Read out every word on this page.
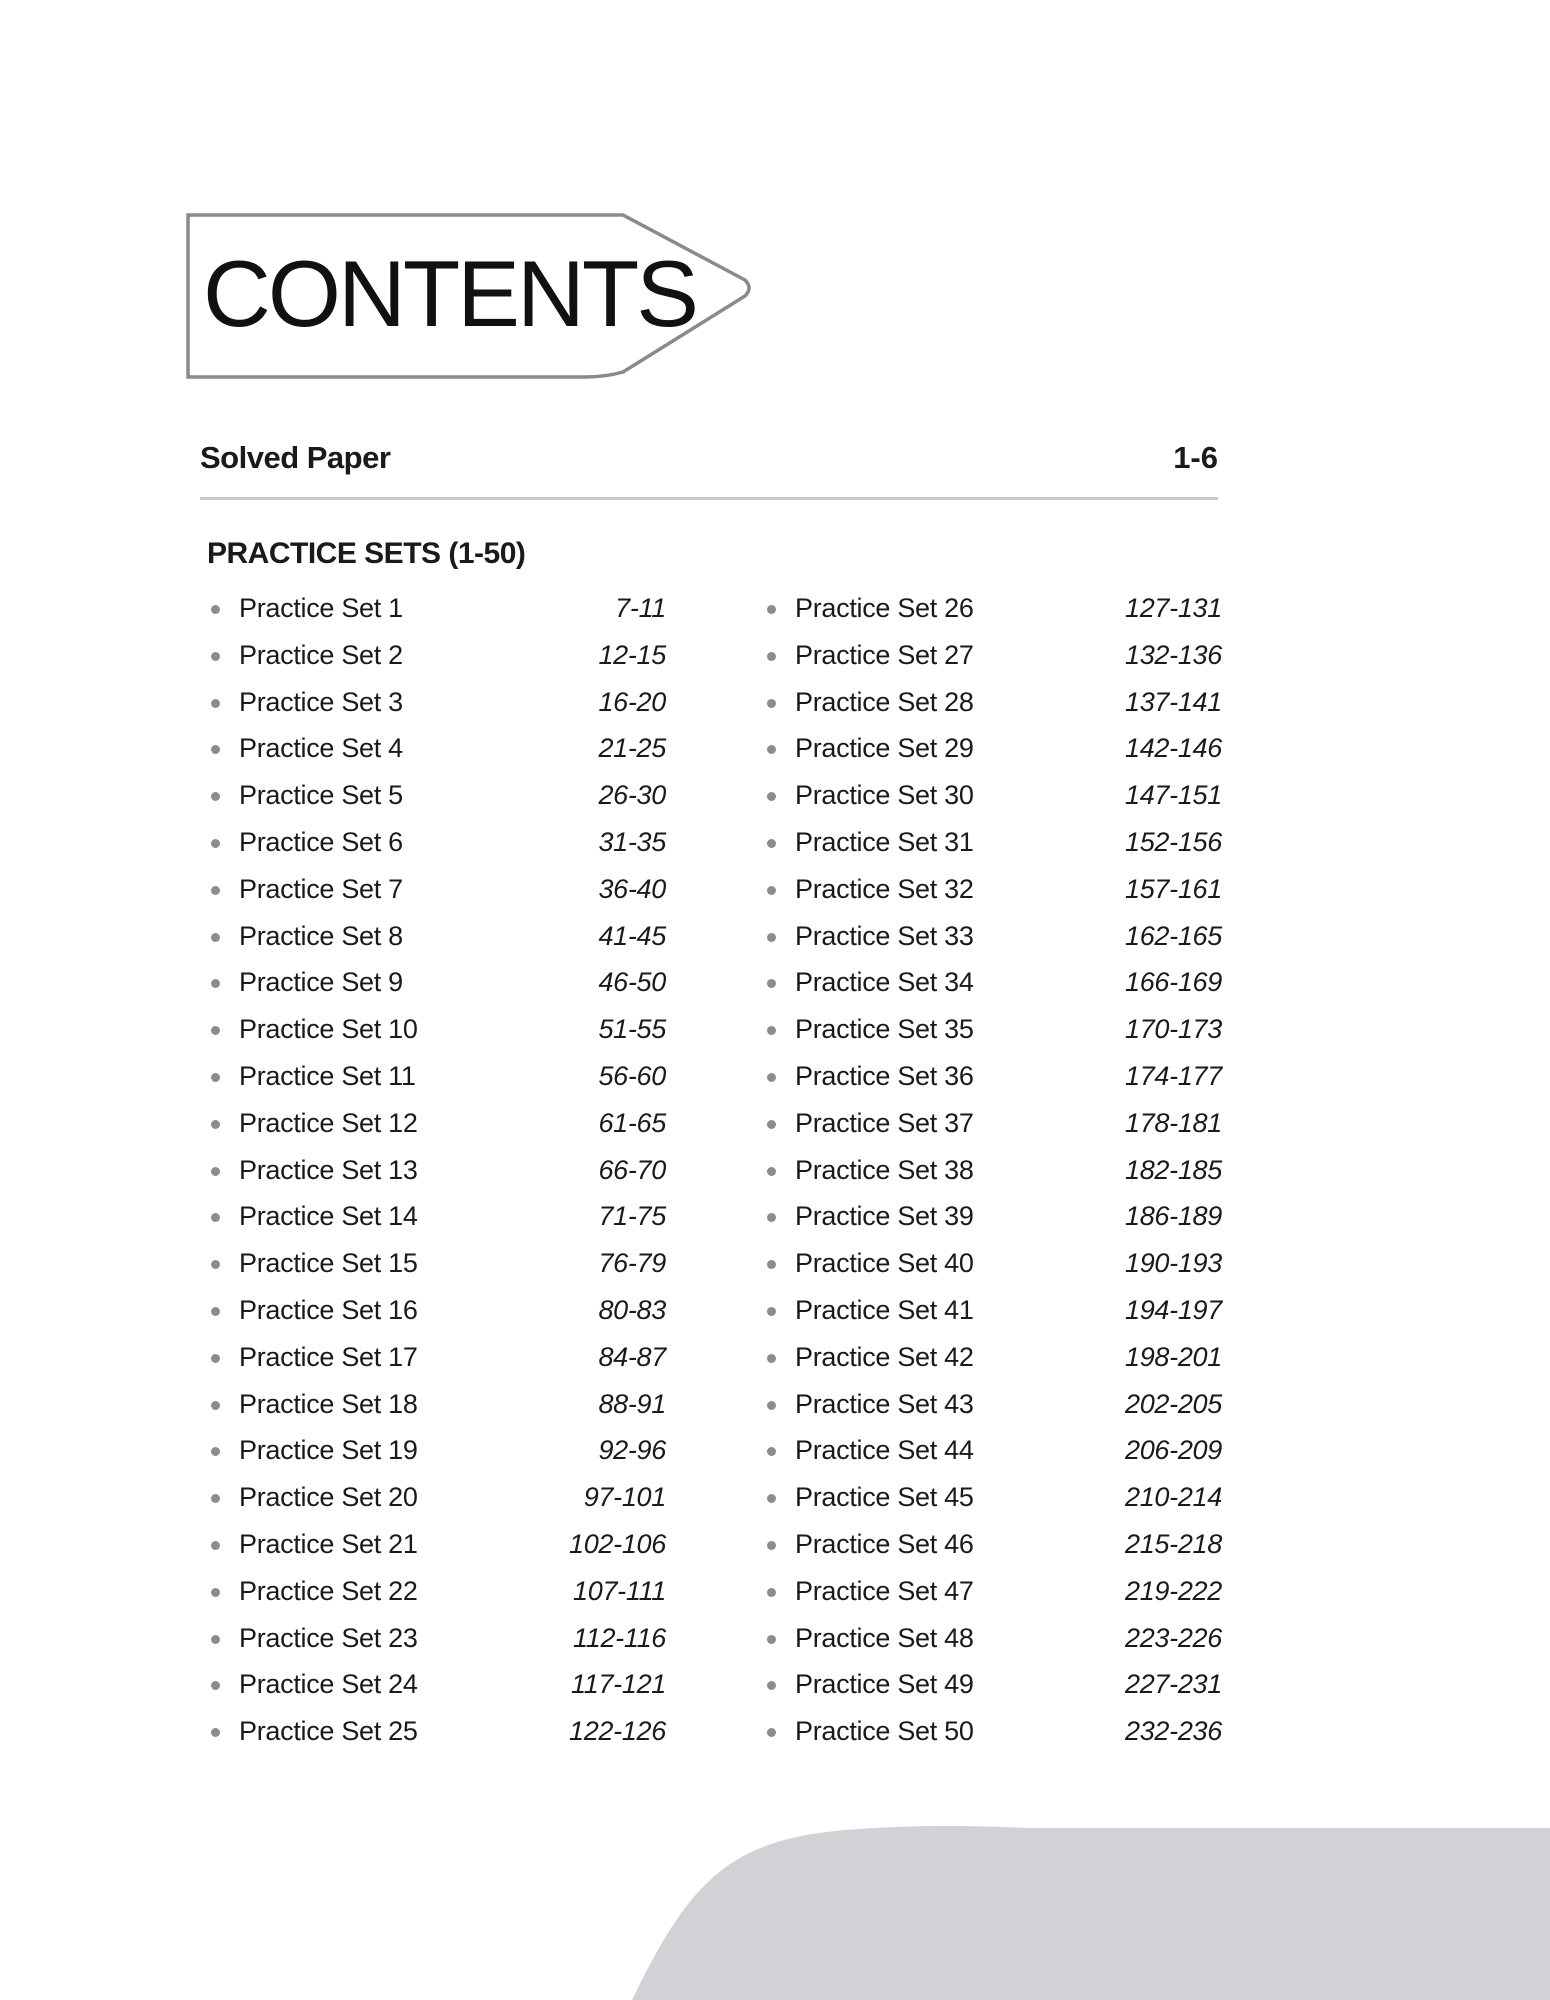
CONTENTS
Solved Paper	1-6
PRACTICE SETS (1-50)
Practice Set 1	7-11
Practice Set 2	12-15
Practice Set 3	16-20
Practice Set 4	21-25
Practice Set 5	26-30
Practice Set 6	31-35
Practice Set 7	36-40
Practice Set 8	41-45
Practice Set 9	46-50
Practice Set 10	51-55
Practice Set 11	56-60
Practice Set 12	61-65
Practice Set 13	66-70
Practice Set 14	71-75
Practice Set 15	76-79
Practice Set 16	80-83
Practice Set 17	84-87
Practice Set 18	88-91
Practice Set 19	92-96
Practice Set 20	97-101
Practice Set 21	102-106
Practice Set 22	107-111
Practice Set 23	112-116
Practice Set 24	117-121
Practice Set 25	122-126
Practice Set 26	127-131
Practice Set 27	132-136
Practice Set 28	137-141
Practice Set 29	142-146
Practice Set 30	147-151
Practice Set 31	152-156
Practice Set 32	157-161
Practice Set 33	162-165
Practice Set 34	166-169
Practice Set 35	170-173
Practice Set 36	174-177
Practice Set 37	178-181
Practice Set 38	182-185
Practice Set 39	186-189
Practice Set 40	190-193
Practice Set 41	194-197
Practice Set 42	198-201
Practice Set 43	202-205
Practice Set 44	206-209
Practice Set 45	210-214
Practice Set 46	215-218
Practice Set 47	219-222
Practice Set 48	223-226
Practice Set 49	227-231
Practice Set 50	232-236
